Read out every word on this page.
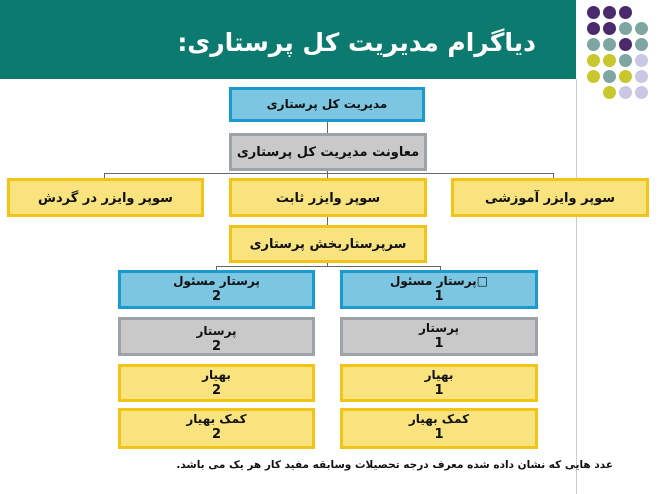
دیاگرام مدیریت کل پرستاری:
مدیریت کل پرستاری
معاونت مدیریت کل پرستاری
سوپر وایزر در گردش	سوپر وایزر ثابت	سوپر وایزر آموزشی
سرپرستاربخش پرستاری
پرستار مسئول
2
پرستار
2
بهیار
2
کمک بهیار
2
□پرستار مسئول
1
پرستار
1
بهیار
1
کمک بهیار
1
عدد هایی که نشان داده شده معرف درجه تحصیلات وسابقه مفید کار هر یک می باشد.
